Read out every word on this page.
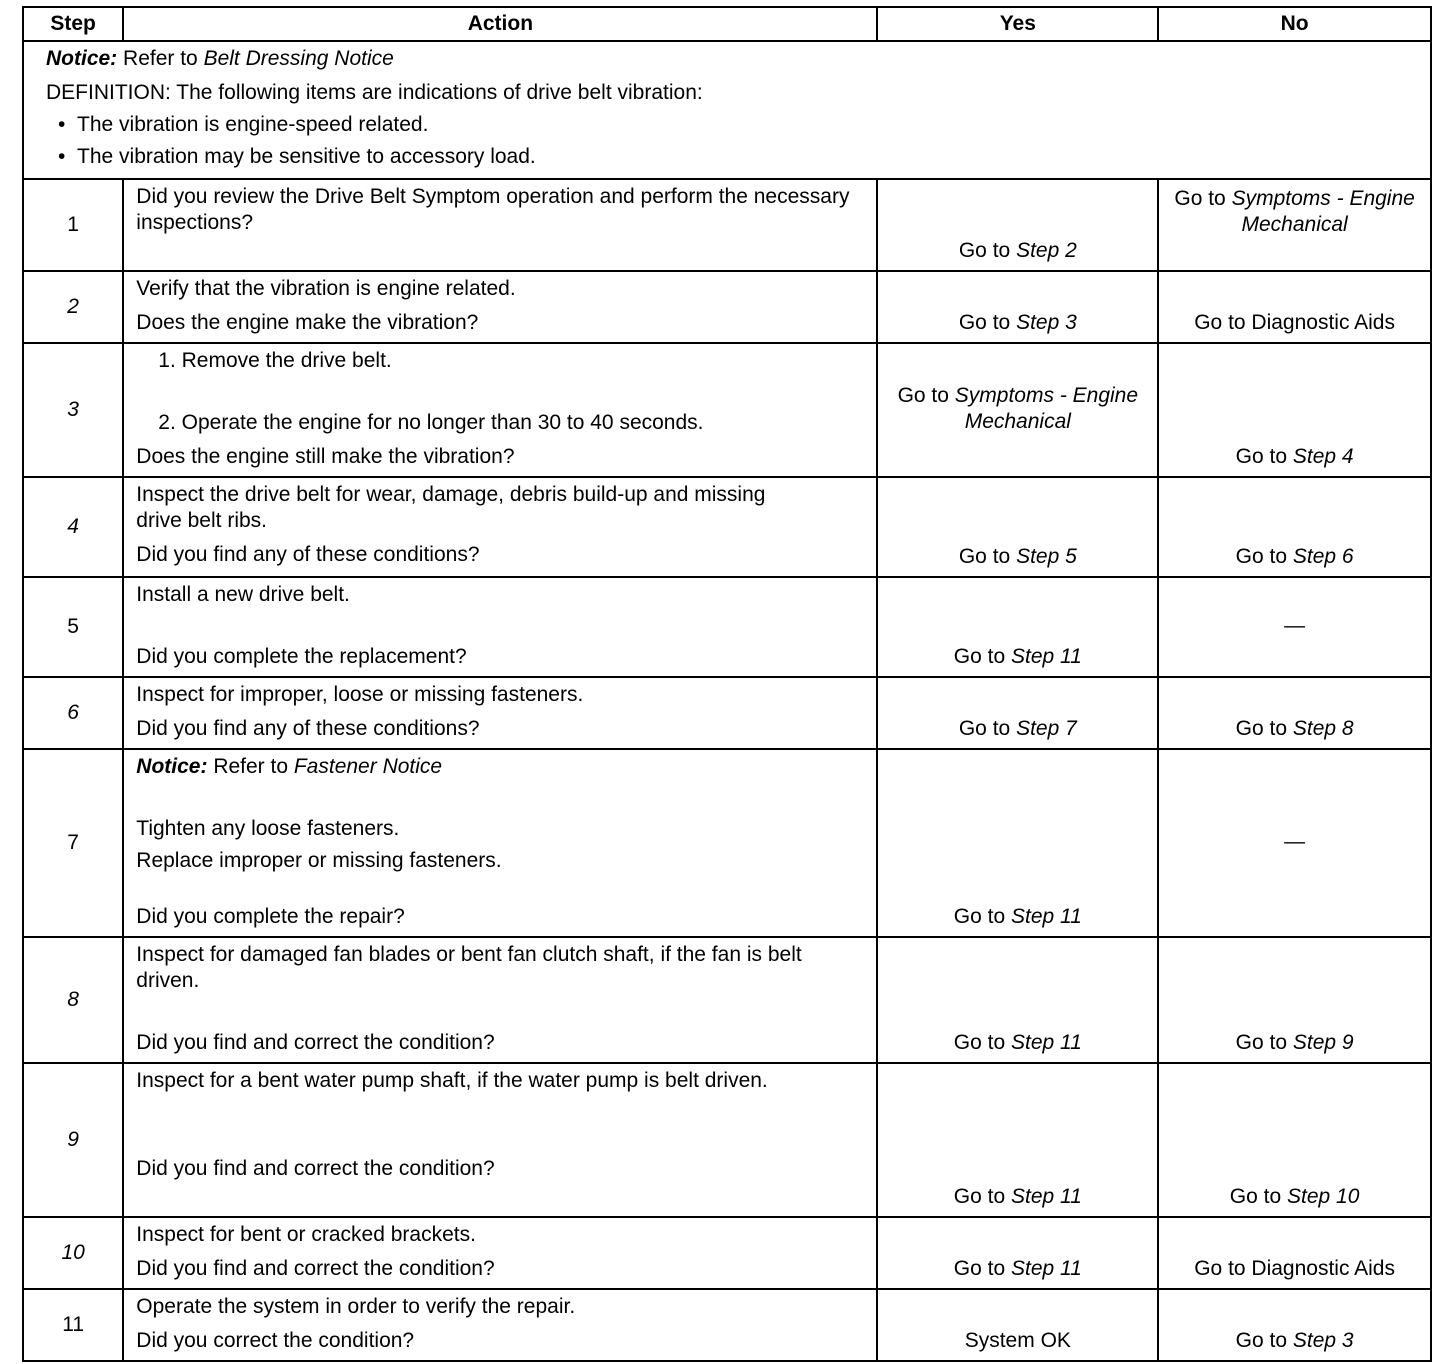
Step	Action	Yes	No

Notice: Refer to Belt Dressing Notice
DEFINITION: The following items are indications of drive belt vibration:
•  The vibration is engine-speed related.
•  The vibration may be sensitive to accessory load.			

1	Did you review the Drive Belt Symptom operation and perform the necessary inspections?	Go to Step 2	Go to Symptoms - Engine Mechanical
2	Verify that the vibration is engine related.
Does the engine make the vibration?	Go to Step 3	Go to Diagnostic Aids
3	1. Remove the drive belt.
2. Operate the engine for no longer than 30 to 40 seconds.
Does the engine still make the vibration?	Go to Symptoms - Engine Mechanical	Go to Step 4
4	Inspect the drive belt for wear, damage, debris build-up and missing drive belt ribs.
Did you find any of these conditions?	Go to Step 5	Go to Step 6
5	Install a new drive belt.
Did you complete the replacement?	Go to Step 11	—
6	Inspect for improper, loose or missing fasteners.
Did you find any of these conditions?	Go to Step 7	Go to Step 8
7	Notice: Refer to Fastener Notice
Tighten any loose fasteners.
Replace improper or missing fasteners.
Did you complete the repair?	Go to Step 11	—
8	Inspect for damaged fan blades or bent fan clutch shaft, if the fan is belt driven.
Did you find and correct the condition?	Go to Step 11	Go to Step 9
9	Inspect for a bent water pump shaft, if the water pump is belt driven.
Did you find and correct the condition?	Go to Step 11	Go to Step 10
10	Inspect for bent or cracked brackets.
Did you find and correct the condition?	Go to Step 11	Go to Diagnostic Aids
11	Operate the system in order to verify the repair.
Did you correct the condition?	System OK	Go to Step 3
